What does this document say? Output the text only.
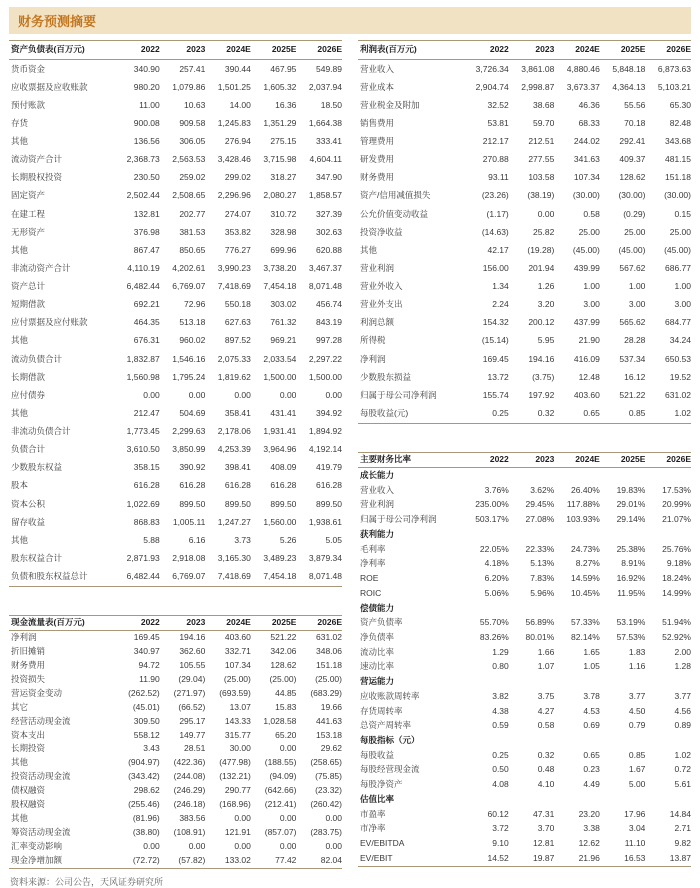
财务预测摘要
资产负债表(百万元)	2022	2023	2024E	2025E	2026E
货币资金	340.90	257.41	390.44	467.95	549.89
应收票据及应收账款	980.20	1,079.86	1,501.25	1,605.32	2,037.94
预付账款	11.00	10.63	14.00	16.36	18.50
存货	900.08	909.58	1,245.83	1,351.29	1,664.38
其他	136.56	306.05	276.94	275.15	333.41
流动资产合计	2,368.73	2,563.53	3,428.46	3,715.98	4,604.11
长期股权投资	230.50	259.02	299.02	318.27	347.90
固定资产	2,502.44	2,508.65	2,296.96	2,080.27	1,858.57
在建工程	132.81	202.77	274.07	310.72	327.39
无形资产	376.98	381.53	353.82	328.98	302.63
其他	867.47	850.65	776.27	699.96	620.88
非流动资产合计	4,110.19	4,202.61	3,990.23	3,738.20	3,467.37
资产总计	6,482.44	6,769.07	7,418.69	7,454.18	8,071.48
短期借款	692.21	72.96	550.18	303.02	456.74
应付票据及应付账款	464.35	513.18	627.63	761.32	843.19
其他	676.31	960.02	897.52	969.21	997.28
流动负债合计	1,832.87	1,546.16	2,075.33	2,033.54	2,297.22
长期借款	1,560.98	1,795.24	1,819.62	1,500.00	1,500.00
应付债券	0.00	0.00	0.00	0.00	0.00
其他	212.47	504.69	358.41	431.41	394.92
非流动负债合计	1,773.45	2,299.63	2,178.06	1,931.41	1,894.92
负债合计	3,610.50	3,850.99	4,253.39	3,964.96	4,192.14
少数股东权益	358.15	390.92	398.41	408.09	419.79
股本	616.28	616.28	616.28	616.28	616.28
资本公积	1,022.69	899.50	899.50	899.50	899.50
留存收益	868.83	1,005.11	1,247.27	1,560.00	1,938.61
其他	5.88	6.16	3.73	5.26	5.05
股东权益合计	2,871.93	2,918.08	3,165.30	3,489.23	3,879.34
负债和股东权益总计	6,482.44	6,769.07	7,418.69	7,454.18	8,071.48
现金流量表(百万元)	2022	2023	2024E	2025E	2026E
净利润	169.45	194.16	403.60	521.22	631.02
折旧摊销	340.97	362.60	332.71	342.06	348.06
财务费用	94.72	105.55	107.34	128.62	151.18
投资损失	11.90	(29.04)	(25.00)	(25.00)	(25.00)
营运资金变动	(262.52)	(271.97)	(693.59)	44.85	(683.29)
其它	(45.01)	(66.52)	13.07	15.83	19.66
经营活动现金流	309.50	295.17	143.33	1,028.58	441.63
资本支出	558.12	149.77	315.77	65.20	153.18
长期投资	3.43	28.51	30.00	0.00	29.62
其他	(904.97)	(422.36)	(477.98)	(188.55)	(258.65)
投资活动现金流	(343.42)	(244.08)	(132.21)	(94.09)	(75.85)
债权融资	298.62	(246.29)	290.77	(642.66)	(23.32)
股权融资	(255.46)	(246.18)	(168.96)	(212.41)	(260.42)
其他	(81.96)	383.56	0.00	0.00	0.00
筹资活动现金流	(38.80)	(108.91)	121.91	(857.07)	(283.75)
汇率变动影响	0.00	0.00	0.00	0.00	0.00
现金净增加额	(72.72)	(57.82)	133.02	77.42	82.04
利润表(百万元)	2022	2023	2024E	2025E	2026E
营业收入	3,726.34	3,861.08	4,880.46	5,848.18	6,873.63
营业成本	2,904.74	2,998.87	3,673.37	4,364.13	5,103.21
营业税金及附加	32.52	38.68	46.36	55.56	65.30
销售费用	53.81	59.70	68.33	70.18	82.48
管理费用	212.17	212.51	244.02	292.41	343.68
研发费用	270.88	277.55	341.63	409.37	481.15
财务费用	93.11	103.58	107.34	128.62	151.18
资产/信用减值损失	(23.26)	(38.19)	(30.00)	(30.00)	(30.00)
公允价值变动收益	(1.17)	0.00	0.58	(0.29)	0.15
投资净收益	(14.63)	25.82	25.00	25.00	25.00
其他	42.17	(19.28)	(45.00)	(45.00)	(45.00)
营业利润	156.00	201.94	439.99	567.62	686.77
营业外收入	1.34	1.26	1.00	1.00	1.00
营业外支出	2.24	3.20	3.00	3.00	3.00
利润总额	154.32	200.12	437.99	565.62	684.77
所得税	(15.14)	5.95	21.90	28.28	34.24
净利润	169.45	194.16	416.09	537.34	650.53
少数股东损益	13.72	(3.75)	12.48	16.12	19.52
归属于母公司净利润	155.74	197.92	403.60	521.22	631.02
每股收益(元)	0.25	0.32	0.65	0.85	1.02
主要财务比率	2022	2023	2024E	2025E	2026E
成长能力					
营业收入	3.76%	3.62%	26.40%	19.83%	17.53%
营业利润	235.00%	29.45%	117.88%	29.01%	20.99%
归属于母公司净利润	503.17%	27.08%	103.93%	29.14%	21.07%
获利能力					
毛利率	22.05%	22.33%	24.73%	25.38%	25.76%
净利率	4.18%	5.13%	8.27%	8.91%	9.18%
ROE	6.20%	7.83%	14.59%	16.92%	18.24%
ROIC	5.06%	5.96%	10.45%	11.95%	14.99%
偿债能力					
资产负债率	55.70%	56.89%	57.33%	53.19%	51.94%
净负债率	83.26%	80.01%	82.14%	57.53%	52.92%
流动比率	1.29	1.66	1.65	1.83	2.00
速动比率	0.80	1.07	1.05	1.16	1.28
营运能力					
应收账款周转率	3.82	3.75	3.78	3.77	3.77
存货周转率	4.38	4.27	4.53	4.50	4.56
总资产周转率	0.59	0.58	0.69	0.79	0.89
每股指标（元）					
每股收益	0.25	0.32	0.65	0.85	1.02
每股经营现金流	0.50	0.48	0.23	1.67	0.72
每股净资产	4.08	4.10	4.49	5.00	5.61
估值比率					
市盈率	60.12	47.31	23.20	17.96	14.84
市净率	3.72	3.70	3.38	3.04	2.71
EV/EBITDA	9.10	12.81	12.62	11.10	9.82
EV/EBIT	14.52	19.87	21.96	16.53	13.87
资料来源：公司公告，天风证券研究所
